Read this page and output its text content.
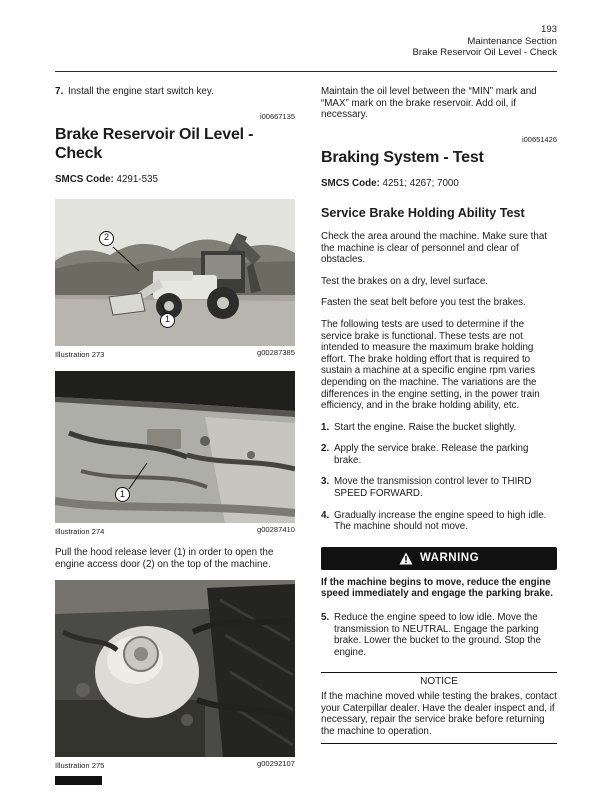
193
Maintenance Section
Brake Reservoir Oil Level - Check
7. Install the engine start switch key.
i00667135
Brake Reservoir Oil Level - Check
SMCS Code: 4291-535
2
1
Illustration 273	g00287385
1
Illustration 274	g00287410

Pull the hood release lever (1) in order to open the engine access door (2) on the top of the machine.

Illustration 275	g00292107

Maintain the oil level between the “MIN” mark and “MAX” mark on the brake reservoir. Add oil, if necessary.

i00651426
Braking System - Test
SMCS Code: 4251; 4267; 7000
Service Brake Holding Ability Test

Check the area around the machine. Make sure that the machine is clear of personnel and clear of obstacles.

Test the brakes on a dry, level surface.

Fasten the seat belt before you test the brakes.

The following tests are used to determine if the service brake is functional. These tests are not intended to measure the maximum brake holding effort. The brake holding effort that is required to sustain a machine at a specific engine rpm varies depending on the machine. The variations are the differences in the engine setting, in the power train efficiency, and in the brake holding ability, etc.

1. Start the engine. Raise the bucket slightly.
2. Apply the service brake. Release the parking brake.
3. Move the transmission control lever to THIRD SPEED FORWARD.
4. Gradually increase the engine speed to high idle. The machine should not move.
WARNING

If the machine begins to move, reduce the engine speed immediately and engage the parking brake.

5. Reduce the engine speed to low idle. Move the transmission to NEUTRAL. Engage the parking brake. Lower the bucket to the ground. Stop the engine.
NOTICE

If the machine moved while testing the brakes, contact your Caterpillar dealer. Have the dealer inspect and, if necessary, repair the service brake before returning the machine to operation.
